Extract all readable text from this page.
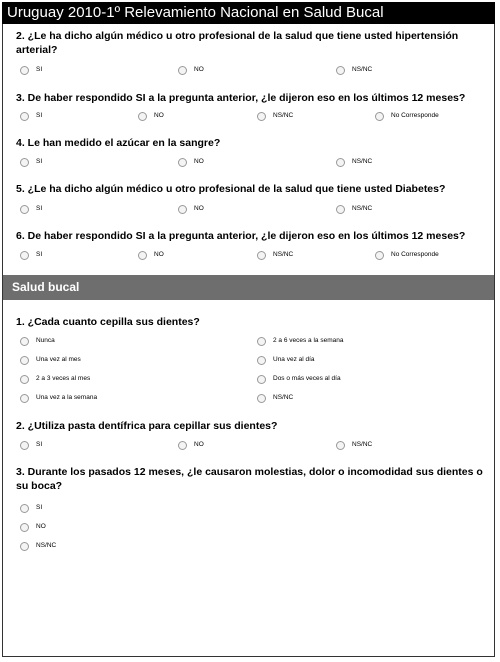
Uruguay 2010-1º Relevamiento Nacional en Salud Bucal
2. ¿Le ha dicho algún médico u otro profesional de la salud que tiene usted hipertensión arterial?
SI	NO	NS/NC
3. De haber respondido SI a la pregunta anterior, ¿le dijeron eso en los últimos 12 meses?
SI	NO	NS/NC	No Corresponde
4. Le han medido el azúcar en la sangre?
SI	NO	NS/NC
5. ¿Le ha dicho algún médico u otro profesional de la salud que tiene usted Diabetes?
SI	NO	NS/NC
6. De haber respondido SI a la pregunta anterior, ¿le dijeron eso en los últimos 12 meses?
SI	NO	NS/NC	No Corresponde
Salud bucal
1. ¿Cada cuanto cepilla sus dientes?
Nunca
Una vez al mes
2 a 3 veces al mes
Una vez a la semana
2 a 6 veces a la semana
Una vez al día
Dos o más veces al día
NS/NC
2. ¿Utiliza pasta dentífrica para cepillar sus dientes?
SI	NO	NS/NC
3. Durante los pasados 12 meses, ¿le causaron molestias, dolor o incomodidad sus dientes o su boca?
SI
NO
NS/NC
